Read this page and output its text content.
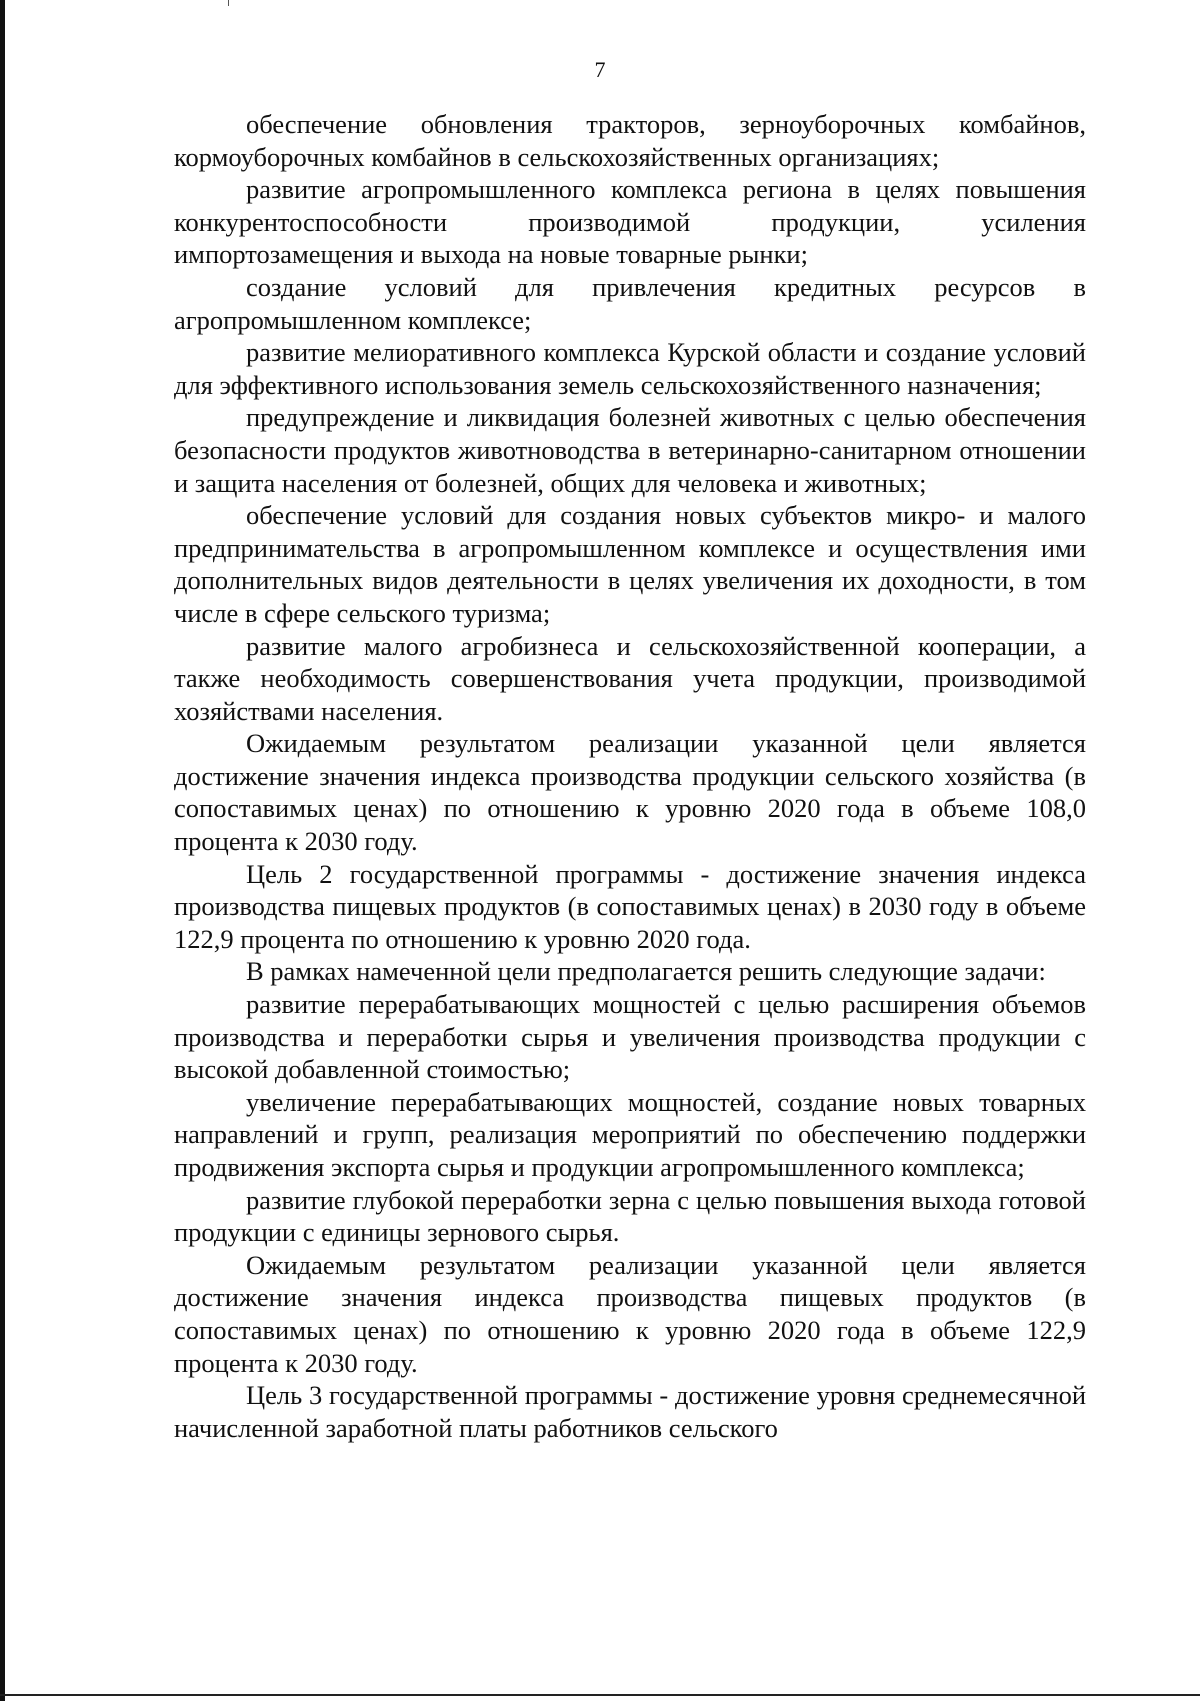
7

обеспечение обновления тракторов, зерноуборочных комбайнов, кормоуборочных комбайнов в сельскохозяйственных организациях;

развитие агропромышленного комплекса региона в целях повышения конкурентоспособности производимой продукции, усиления импортозамещения и выхода на новые товарные рынки;

создание условий для привлечения кредитных ресурсов в агропромышленном комплексе;

развитие мелиоративного комплекса Курской области и создание условий для эффективного использования земель сельскохозяйственного назначения;

предупреждение и ликвидация болезней животных с целью обеспечения безопасности продуктов животноводства в ветеринарно-санитарном отношении и защита населения от болезней, общих для человека и животных;

обеспечение условий для создания новых субъектов микро- и малого предпринимательства в агропромышленном комплексе и осуществления ими дополнительных видов деятельности в целях увеличения их доходности, в том числе в сфере сельского туризма;

развитие малого агробизнеса и сельскохозяйственной кооперации, а также необходимость совершенствования учета продукции, производимой хозяйствами населения.

Ожидаемым результатом реализации указанной цели является достижение значения индекса производства продукции сельского хозяйства (в сопоставимых ценах) по отношению к уровню 2020 года в объеме 108,0 процента к 2030 году.

Цель 2 государственной программы - достижение значения индекса производства пищевых продуктов (в сопоставимых ценах) в 2030 году в объеме 122,9 процента по отношению к уровню 2020 года.

В рамках намеченной цели предполагается решить следующие задачи:

развитие перерабатывающих мощностей с целью расширения объемов производства и переработки сырья и увеличения производства продукции с высокой добавленной стоимостью;

увеличение перерабатывающих мощностей, создание новых товарных направлений и групп, реализация мероприятий по обеспечению поддержки продвижения экспорта сырья и продукции агропромышленного комплекса;

развитие глубокой переработки зерна с целью повышения выхода готовой продукции с единицы зернового сырья.

Ожидаемым результатом реализации указанной цели является достижение значения индекса производства пищевых продуктов (в сопоставимых ценах) по отношению к уровню 2020 года в объеме 122,9 процента к 2030 году.

Цель 3 государственной программы - достижение уровня среднемесячной начисленной заработной платы работников сельского
